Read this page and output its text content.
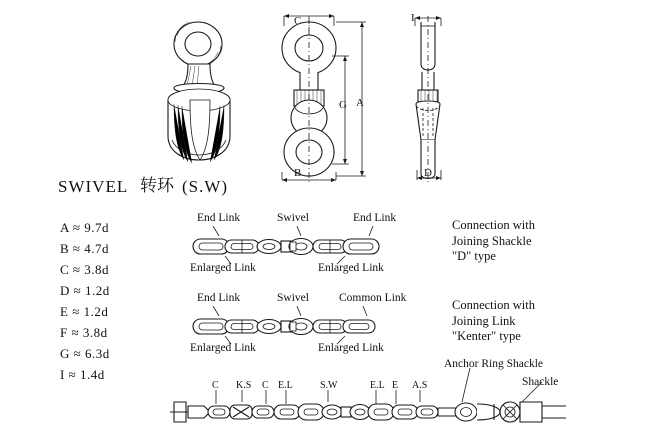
C
A
G
B
I
D
SWIVEL 转环 (S.W)
A ≈ 9.7d
B ≈ 4.7d
C ≈ 3.8d
D ≈ 1.2d
E ≈ 1.2d
F ≈ 3.8d
G ≈ 6.3d
I ≈ 1.4d
End Link	Swivel	End Link
Enlarged Link	Enlarged Link
Connection with
Joining Shackle
"D" type
End Link	Swivel	Common Link
Enlarged Link	Enlarged Link
Connection with
Joining Link
"Kenter" type
Anchor Ring Shackle
Shackle
C K.S C E.L	S.W	E.L E A.S
